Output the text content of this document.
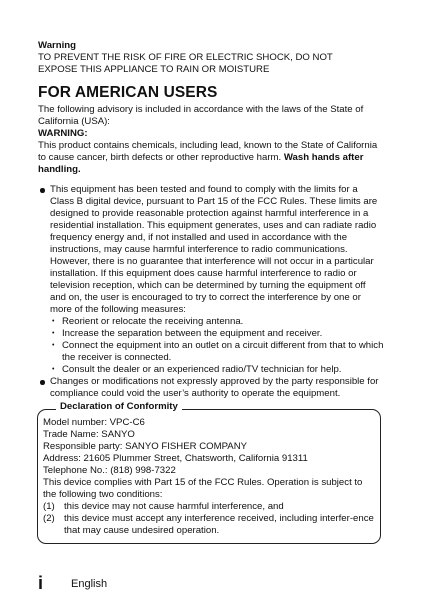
Warning
TO PREVENT THE RISK OF FIRE OR ELECTRIC SHOCK, DO NOT
EXPOSE THIS APPLIANCE TO RAIN OR MOISTURE
FOR AMERICAN USERS

The following advisory is included in accordance with the laws of the State of California (USA):

WARNING:

This product contains chemicals, including lead, known to the State of California to cause cancer, birth defects or other reproductive harm. Wash hands after handling.

This equipment has been tested and found to comply with the limits for a Class B digital device, pursuant to Part 15 of the FCC Rules. These limits are designed to provide reasonable protection against harmful interference in a residential installation. This equipment generates, uses and can radiate radio frequency energy and, if not installed and used in accordance with the instructions, may cause harmful interference to radio communications. However, there is no guarantee that interference will not occur in a particular installation. If this equipment does cause harmful interference to radio or television reception, which can be determined by turning the equipment off and on, the user is encouraged to try to correct the interference by one or more of the following measures:
• Reorient or relocate the receiving antenna.
• Increase the separation between the equipment and receiver.
• Connect the equipment into an outlet on a circuit different from that to which the receiver is connected.
• Consult the dealer or an experienced radio/TV technician for help.
Changes or modifications not expressly approved by the party responsible for compliance could void the user’s authority to operate the equipment.
Declaration of Conformity
Model number: VPC-C6
Trade Name: SANYO
Responsible party: SANYO FISHER COMPANY
Address: 21605 Plummer Street, Chatsworth, California 91311
Telephone No.: (818) 998-7322
This device complies with Part 15 of the FCC Rules. Operation is subject to the following two conditions:
(1) this device may not cause harmful interference, and
(2) this device must accept any interference received, including interfer-ence that may cause undesired operation.
i	English
